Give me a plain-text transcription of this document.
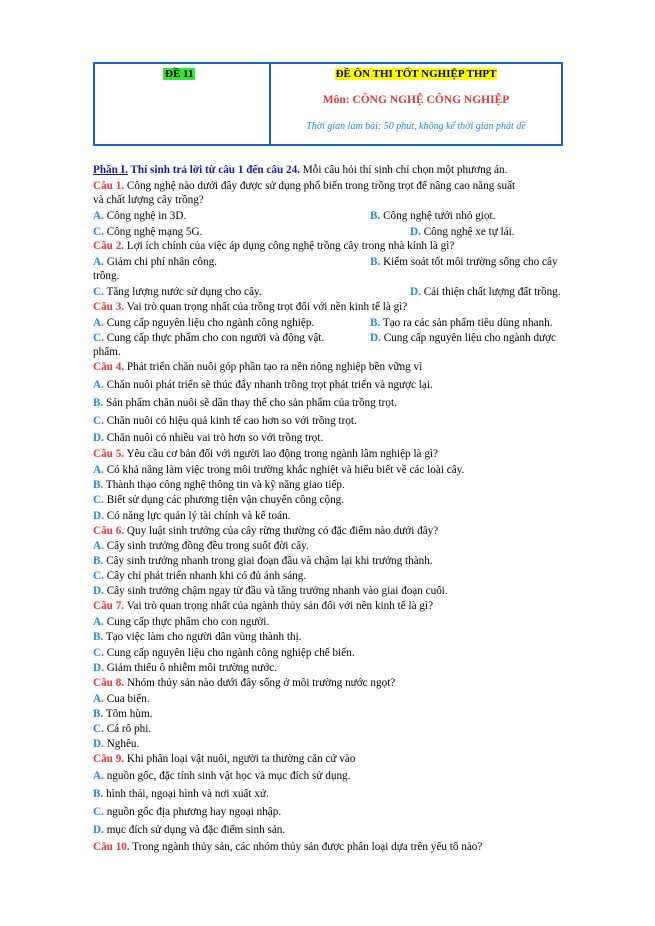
ĐỀ 11	ĐỀ ÔN THI TỐT NGHIỆP THPT
Môn: CÔNG NGHỆ CÔNG NGHIỆP
Thời gian làm bài: 50 phút, không kể thời gian phát đề
Phần I. Thí sinh trả lời từ câu 1 đến câu 24. Mỗi câu hỏi thí sinh chỉ chọn một phương án.
Câu 1. Công nghệ nào dưới đây được sử dụng phổ biến trong trồng trọt để nâng cao năng suất
và chất lượng cây trồng?
A. Công nghệ in 3D.	B. Công nghệ tưới nhỏ giọt.
C. Công nghệ mạng 5G.	D. Công nghệ xe tự lái.
Câu 2. Lợi ích chính của việc áp dụng công nghệ trồng cây trong nhà kính là gì?
A. Giảm chi phí nhân công.	B. Kiểm soát tốt môi trường sống cho cây
trồng.
C. Tăng lượng nước sử dụng cho cây.	D. Cải thiện chất lượng đất trồng.
Câu 3. Vai trò quan trọng nhất của trồng trọt đối với nền kinh tế là gì?
A. Cung cấp nguyên liệu cho ngành công nghiệp.	B. Tạo ra các sản phẩm tiêu dùng nhanh.
C. Cung cấp thực phẩm cho con người và động vật.	D. Cung cấp nguyên liệu cho ngành dược
phẩm.
Câu 4. Phát triển chăn nuôi góp phần tạo ra nền nông nghiệp bền vững vì
A. Chăn nuôi phát triển sẽ thúc đẩy nhanh trồng trọt phát triển và ngược lại.
B. Sản phẩm chăn nuôi sẽ dần thay thế cho sản phẩm của trồng trọt.
C. Chăn nuôi có hiệu quả kinh tế cao hơn so với trồng trọt.
D. Chăn nuôi có nhiều vai trò hơn so với trồng trọt.
Câu 5. Yêu cầu cơ bản đối với người lao động trong ngành lâm nghiệp là gì?
A. Có khả năng làm việc trong môi trường khắc nghiệt và hiểu biết về các loài cây.
B. Thành thạo công nghệ thông tin và kỹ năng giao tiếp.
C. Biết sử dụng các phương tiện vận chuyển công cộng.
D. Có năng lực quản lý tài chính và kế toán.
Câu 6. Quy luật sinh trưởng của cây rừng thường có đặc điểm nào dưới đây?
A. Cây sinh trưởng đồng đều trong suốt đời cây.
B. Cây sinh trưởng nhanh trong giai đoạn đầu và chậm lại khi trưởng thành.
C. Cây chỉ phát triển nhanh khi có đủ ánh sáng.
D. Cây sinh trưởng chậm ngay từ đầu và tăng trưởng nhanh vào giai đoạn cuối.
Câu 7. Vai trò quan trọng nhất của ngành thủy sản đối với nền kinh tế là gì?
A. Cung cấp thực phẩm cho con người.
B. Tạo việc làm cho người dân vùng thành thị.
C. Cung cấp nguyên liệu cho ngành công nghiệp chế biến.
D. Giảm thiểu ô nhiễm môi trường nước.
Câu 8. Nhóm thủy sản nào dưới đây sống ở môi trường nước ngọt?
A. Cua biển.
B. Tôm hùm.
C. Cá rô phi.
D. Nghêu.
Câu 9. Khi phân loại vật nuôi, người ta thường căn cứ vào
A. nguồn gốc, đặc tính sinh vật học và mục đích sử dụng.
B. hình thái, ngoại hình và nơi xuất xứ.
C. nguồn gốc địa phương hay ngoại nhập.
D. mục đích sử dụng và đặc điểm sinh sản.
Câu 10. Trong ngành thủy sản, các nhóm thủy sản được phân loại dựa trên yếu tố nào?
